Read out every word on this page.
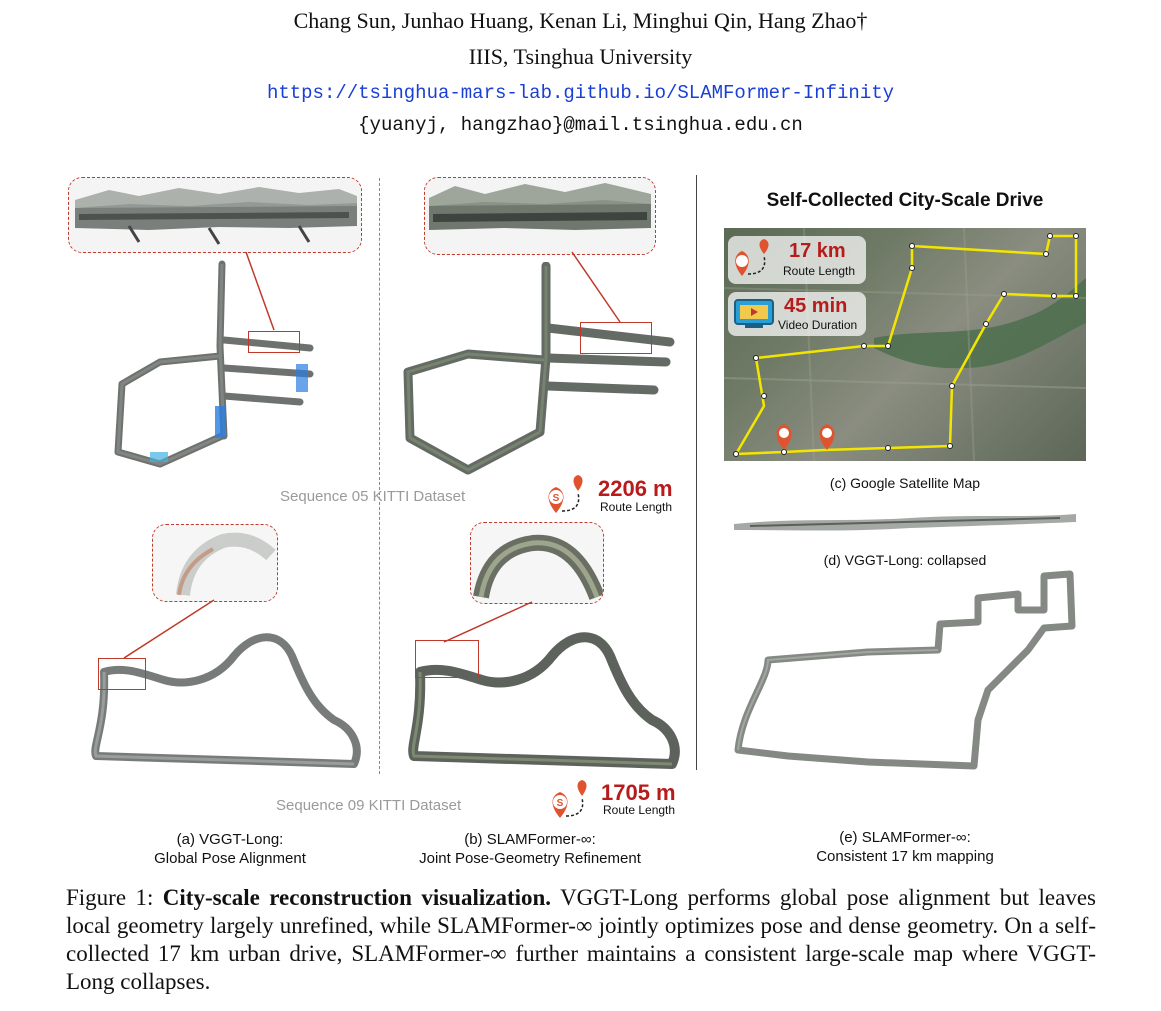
Chang Sun, Junhao Huang, Kenan Li, Minghui Qin, Hang Zhao†
IIIS, Tsinghua University
https://tsinghua-mars-lab.github.io/SLAMFormer-Infinity
{yuanyj, hangzhao}@mail.tsinghua.edu.cn
Sequence 05 KITTI Dataset	S 2206 m
Route Length
Sequence 09 KITTI Dataset	S 1705 m
Route Length
(a) VGGT-Long:
Global Pose Alignment
(b) SLAMFormer-∞:
Joint Pose-Geometry Refinement
Self-Collected City-Scale Drive
17 km
Route Length
45 min
Video Duration
(c) Google Satellite Map
(d) VGGT-Long: collapsed
(e) SLAMFormer-∞:
Consistent 17 km mapping
Figure 1: City-scale reconstruction visualization. VGGT-Long performs global pose alignment but leaves local geometry largely unrefined, while SLAMFormer-∞ jointly optimizes pose and dense geometry. On a self-collected 17 km urban drive, SLAMFormer-∞ further maintains a consistent large-scale map where VGGT-Long collapses.
